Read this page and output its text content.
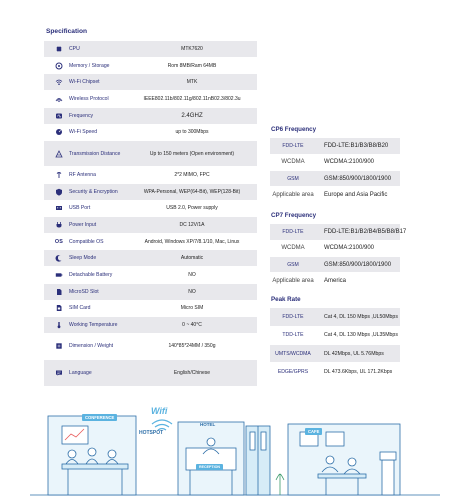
Specification
CPU	MTK7620
Memory / Storage	Rom 8MB/Ram 64MB
Wi-Fi Chipset	MTK
Wireless Protocol	IEEE802.11b/802.11g/802.11nB02.3/802.3u
Frequency	2.4GHZ
Wi-Fi Speed	up to 300Mbps
Transmission Distance	Up to 150 meters (Open environment)
RF Antenna	2*2 MIMO, FPC
Security & Encryption	WPA-Personal, WEP(64-Bit), WEP(128-Bit)
USB Port	USB 2.0, Power supply
Power Input	DC 12V/1A
OS Compatible OS	Android, Windows XP/7/8.1/10, Mac, Linux
Sleep Mode	Automatic
Detachable Battery	NO
MicroSD Slot	NO
SIM Card	Micro SIM
Working Temperature	0 ~ 40°C
Dimension / Weight	140*85*24MM / 350g
Language	English/Chinese
CP6 Frequency
FDD-LTE	FDD-LTE:B1/B3/B8/B20
WCDMA	WCDMA:2100/900
GSM	GSM:850/900/1800/1900
Applicable area	Europe and Asia Pacific
CP7 Frequency
FDD-LTE	FDD-LTE:B1/B2/B4/B5/B8/B17
WCDMA	WCDMA:2100/900
GSM	GSM:850/900/1800/1900
Applicable area	America
Peak Rate
FDD-LTE	Cat 4, DL 150 Mbps ,UL50Mbps
TDD-LTE	Cat 4, DL 130 Mbps ,UL35Mbps
UMTS/WCDMA	DL 42Mbps, UL 5.76Mbps
EDGE/GPRS	DL 473.6Kbps, UL 171.2Kbps
CONFERENCE
Wifi
HOTSPOT
HOTEL
RECEPTION
CAFE
